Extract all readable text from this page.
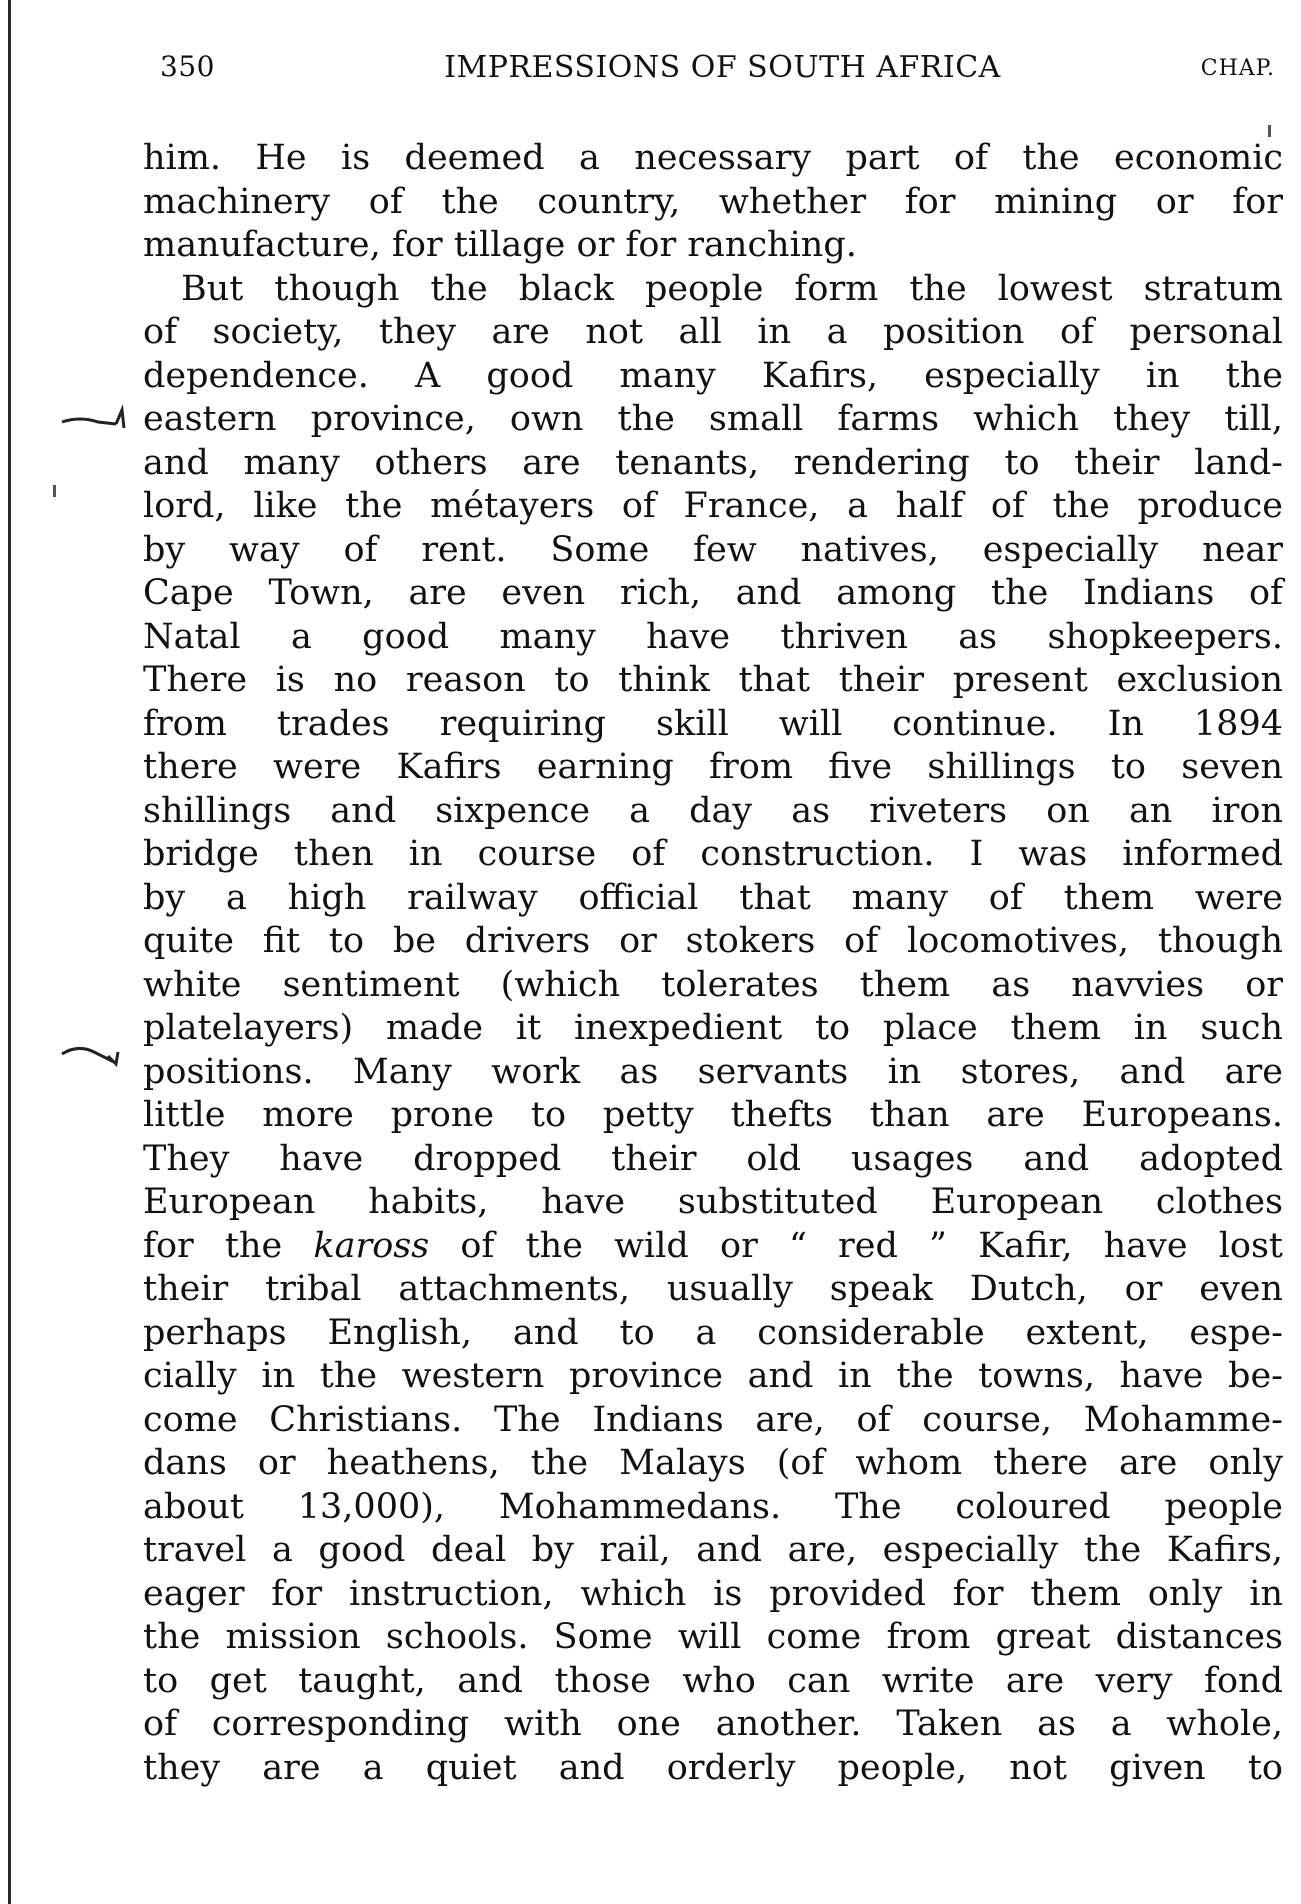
350	IMPRESSIONS OF SOUTH AFRICA	CHAP.
him. He is deemed a necessary part of the economic
machinery of the country, whether for mining or for
manufacture, for tillage or for ranching.
But though the black people form the lowest stratum
of society, they are not all in a position of personal
dependence. A good many Kafirs, especially in the
eastern province, own the small farms which they till,
and many others are tenants, rendering to their land-
lord, like the métayers of France, a half of the produce
by way of rent. Some few natives, especially near
Cape Town, are even rich, and among the Indians of
Natal a good many have thriven as shopkeepers.
There is no reason to think that their present exclusion
from trades requiring skill will continue. In 1894
there were Kafirs earning from five shillings to seven
shillings and sixpence a day as riveters on an iron
bridge then in course of construction. I was informed
by a high railway official that many of them were
quite fit to be drivers or stokers of locomotives, though
white sentiment (which tolerates them as navvies or
platelayers) made it inexpedient to place them in such
positions. Many work as servants in stores, and are
little more prone to petty thefts than are Europeans.
They have dropped their old usages and adopted
European habits, have substituted European clothes
for the kaross of the wild or “ red ” Kafir, have lost
their tribal attachments, usually speak Dutch, or even
perhaps English, and to a considerable extent, espe-
cially in the western province and in the towns, have be-
come Christians. The Indians are, of course, Mohamme-
dans or heathens, the Malays (of whom there are only
about 13,000), Mohammedans. The coloured people
travel a good deal by rail, and are, especially the Kafirs,
eager for instruction, which is provided for them only in
the mission schools. Some will come from great distances
to get taught, and those who can write are very fond
of corresponding with one another. Taken as a whole,
they are a quiet and orderly people, not given to
